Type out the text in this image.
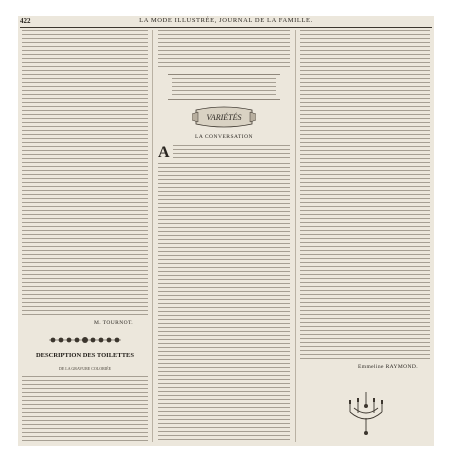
422	LA MODE ILLUSTRÉE, JOURNAL DE LA FAMILLE.
M. TOURNOT.
DESCRIPTION DES TOILETTES
DE LA GRAVURE COLORIÉE
VARIÉTÉS
LA CONVERSATION
A
Emmeline RAYMOND.
